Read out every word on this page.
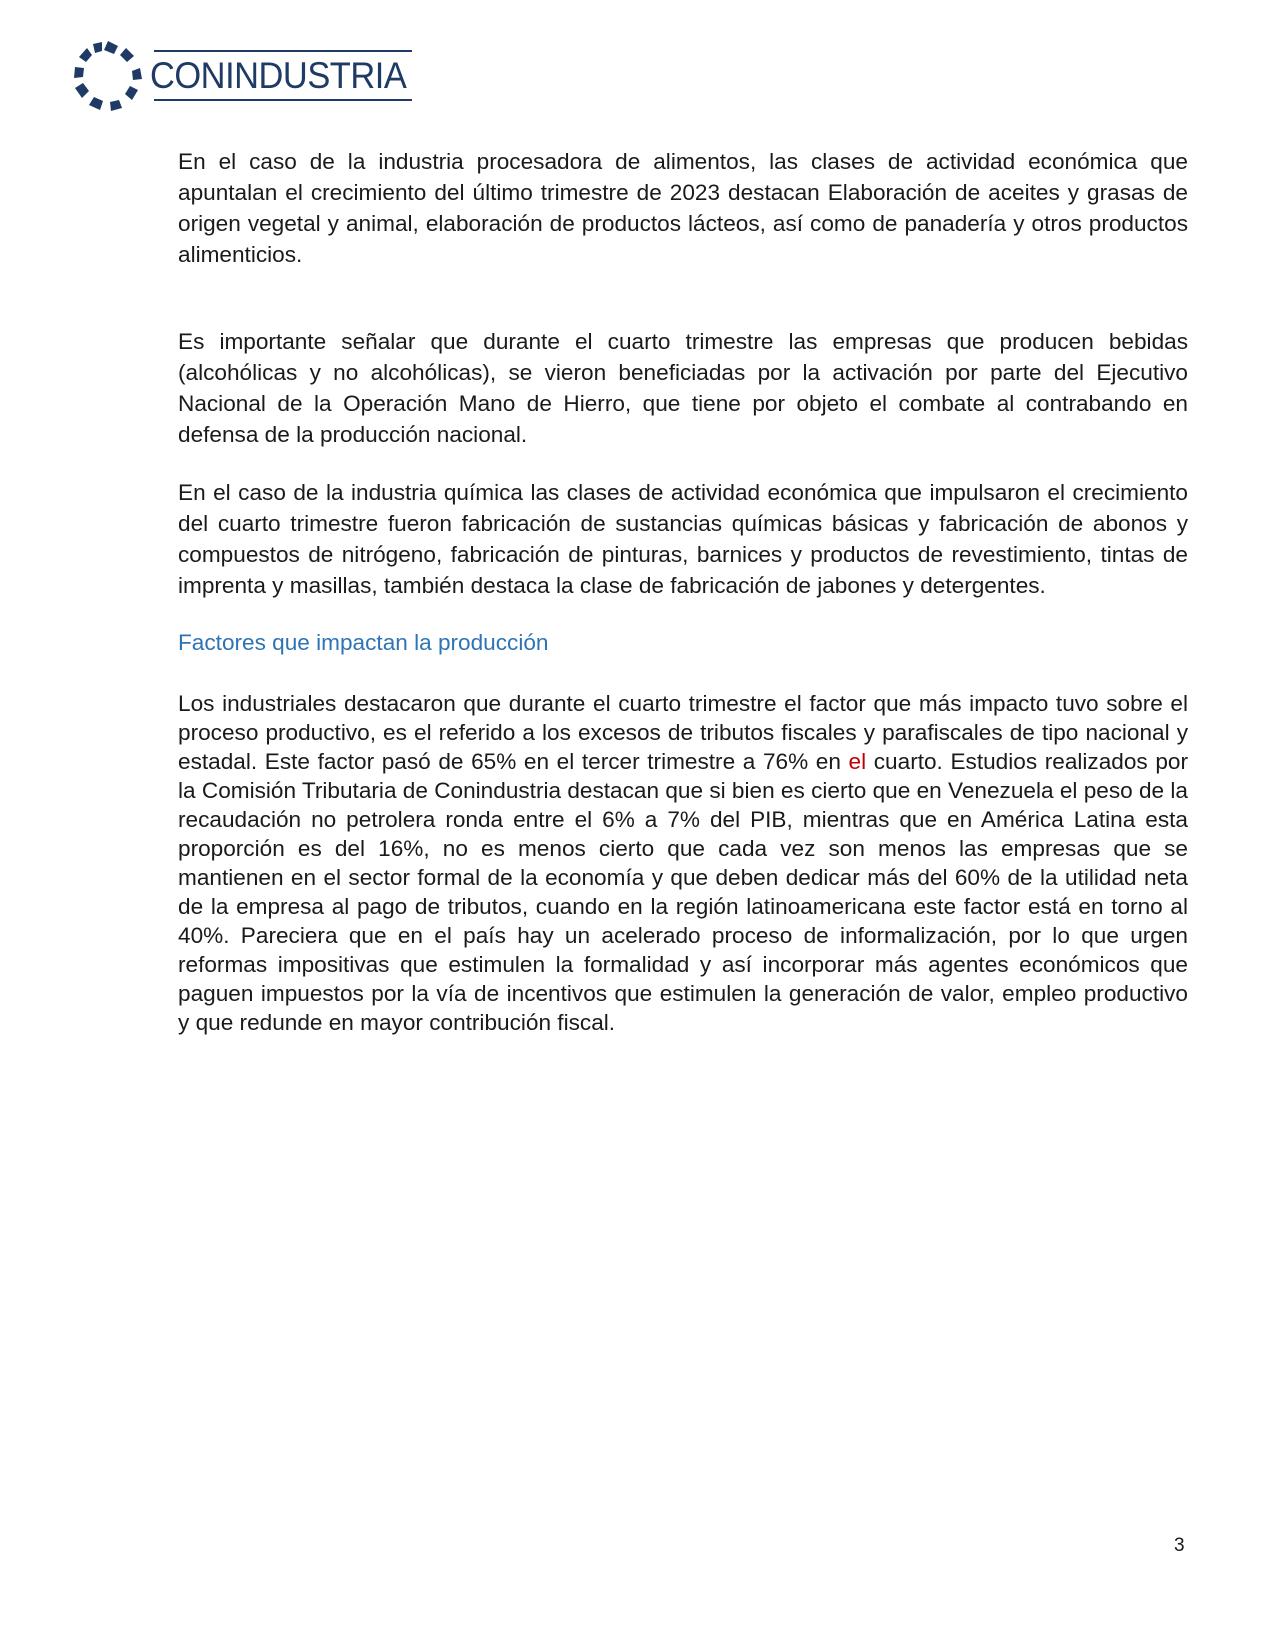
CONINDUSTRIA

En el caso de la industria procesadora de alimentos, las clases de actividad económica que apuntalan el crecimiento del último trimestre de 2023 destacan Elaboración de aceites y grasas de origen vegetal y animal, elaboración de productos lácteos, así como de panadería y otros productos alimenticios.

Es importante señalar que durante el cuarto trimestre las empresas que producen bebidas (alcohólicas y no alcohólicas), se vieron beneficiadas por la activación por parte del Ejecutivo Nacional de la Operación Mano de Hierro, que tiene por objeto el combate al contrabando en defensa de la producción nacional.

En el caso de la industria química las clases de actividad económica que impulsaron el crecimiento del cuarto trimestre fueron fabricación de sustancias químicas básicas y fabricación de abonos y compuestos de nitrógeno, fabricación de pinturas, barnices y productos de revestimiento, tintas de imprenta y masillas, también destaca la clase de fabricación de jabones y detergentes.

Factores que impactan la producción

Los industriales destacaron que durante el cuarto trimestre el factor que más impacto tuvo sobre el proceso productivo, es el referido a los excesos de tributos fiscales y parafiscales de tipo nacional y estadal. Este factor pasó de 65% en el tercer trimestre a 76% en el cuarto. Estudios realizados por la Comisión Tributaria de Conindustria destacan que si bien es cierto que en Venezuela el peso de la recaudación no petrolera ronda entre el 6% a 7% del PIB, mientras que en América Latina esta proporción es del 16%, no es menos cierto que cada vez son menos las empresas que se mantienen en el sector formal de la economía y que deben dedicar más del 60% de la utilidad neta de la empresa al pago de tributos, cuando en la región latinoamericana este factor está en torno al 40%. Pareciera que en el país hay un acelerado proceso de informalización, por lo que urgen reformas impositivas que estimulen la formalidad y así incorporar más agentes económicos que paguen impuestos por la vía de incentivos que estimulen la generación de valor, empleo productivo y que redunde en mayor contribución fiscal.

3
